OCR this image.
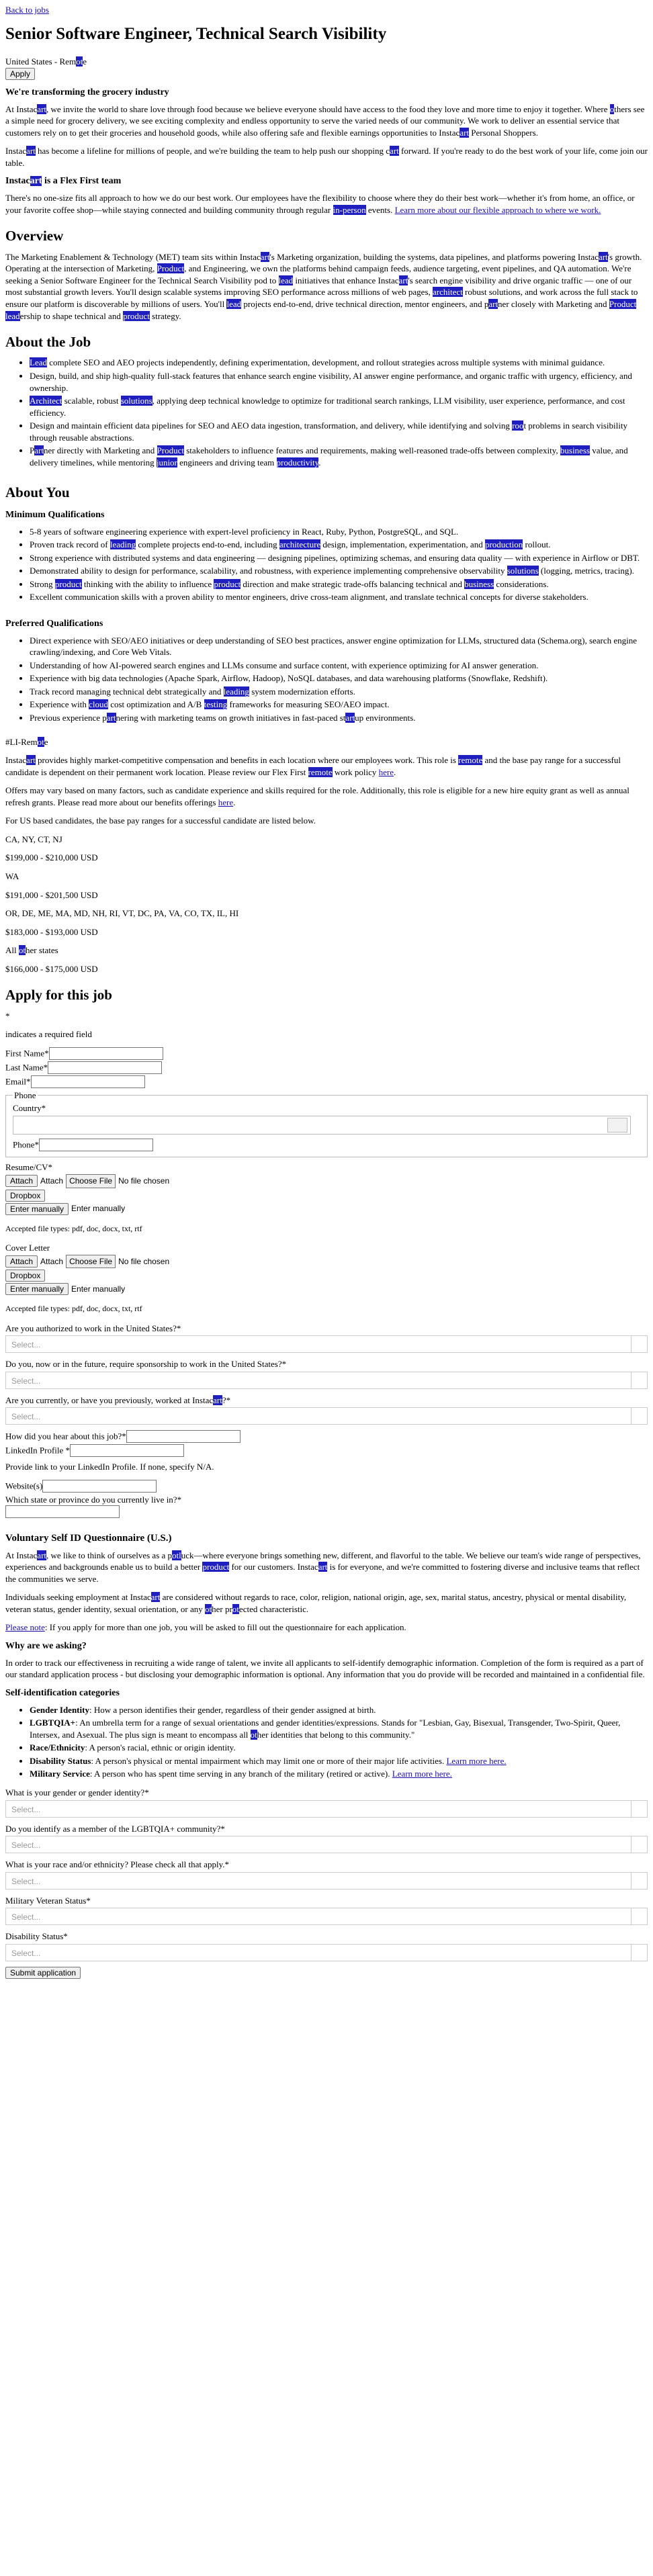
Back to jobs
Senior Software Engineer, Technical Search Visibility
United States - Remote
Apply
We're transforming the grocery industry

At Instacart, we invite the world to share love through food because we believe everyone should have access to the food they love and more time to enjoy it together. Where others see a simple need for grocery delivery, we see exciting complexity and endless opportunity to serve the varied needs of our community. We work to deliver an essential service that customers rely on to get their groceries and household goods, while also offering safe and flexible earnings opportunities to Instacart Personal Shoppers.

Instacart has become a lifeline for millions of people, and we're building the team to help push our shopping cart forward. If you're ready to do the best work of your life, come join our table.

Instacart is a Flex First team

There's no one-size fits all approach to how we do our best work. Our employees have the flexibility to choose where they do their best work—whether it's from home, an office, or your favorite coffee shop—while staying connected and building community through regular in-person events. Learn more about our flexible approach to where we work.

Overview

The Marketing Enablement & Technology (MET) team sits within Instacart's Marketing organization, building the systems, data pipelines, and platforms powering Instacart's growth. Operating at the intersection of Marketing, Product, and Engineering, we own the platforms behind campaign feeds, audience targeting, event pipelines, and QA automation. We're seeking a Senior Software Engineer for the Technical Search Visibility pod to lead initiatives that enhance Instacart's search engine visibility and drive organic traffic — one of our most substantial growth levers. You'll design scalable systems improving SEO performance across millions of web pages, architect robust solutions, and work across the full stack to ensure our platform is discoverable by millions of users. You'll lead projects end-to-end, drive technical direction, mentor engineers, and partner closely with Marketing and Product leadership to shape technical and product strategy.

About the Job
• Lead complete SEO and AEO projects independently, defining experimentation, development, and rollout strategies across multiple systems with minimal guidance.
• Design, build, and ship high-quality full-stack features that enhance search engine visibility, AI answer engine performance, and organic traffic with urgency, efficiency, and ownership.
• Architect scalable, robust solutions, applying deep technical knowledge to optimize for traditional search rankings, LLM visibility, user experience, performance, and cost efficiency.
• Design and maintain efficient data pipelines for SEO and AEO data ingestion, transformation, and delivery, while identifying and solving root problems in search visibility through reusable abstractions.
• Partner directly with Marketing and Product stakeholders to influence features and requirements, making well-reasoned trade-offs between complexity, business value, and delivery timelines, while mentoring junior engineers and driving team productivity.
About You
Minimum Qualifications
• 5-8 years of software engineering experience with expert-level proficiency in React, Ruby, Python, PostgreSQL, and SQL.
• Proven track record of leading complete projects end-to-end, including architecture design, implementation, experimentation, and production rollout.
• Strong experience with distributed systems and data engineering — designing pipelines, optimizing schemas, and ensuring data quality — with experience in Airflow or DBT.
• Demonstrated ability to design for performance, scalability, and robustness, with experience implementing comprehensive observability solutions (logging, metrics, tracing).
• Strong product thinking with the ability to influence product direction and make strategic trade-offs balancing technical and business considerations.
• Excellent communication skills with a proven ability to mentor engineers, drive cross-team alignment, and translate technical concepts for diverse stakeholders.
Preferred Qualifications
• Direct experience with SEO/AEO initiatives or deep understanding of SEO best practices, answer engine optimization for LLMs, structured data (Schema.org), search engine crawling/indexing, and Core Web Vitals.
• Understanding of how AI-powered search engines and LLMs consume and surface content, with experience optimizing for AI answer generation.
• Experience with big data technologies (Apache Spark, Airflow, Hadoop), NoSQL databases, and data warehousing platforms (Snowflake, Redshift).
• Track record managing technical debt strategically and leading system modernization efforts.
• Experience with cloud cost optimization and A/B testing frameworks for measuring SEO/AEO impact.
• Previous experience partnering with marketing teams on growth initiatives in fast-paced startup environments.

#LI-Remote

Instacart provides highly market-competitive compensation and benefits in each location where our employees work. This role is remote and the base pay range for a successful candidate is dependent on their permanent work location. Please review our Flex First remote work policy here.

Offers may vary based on many factors, such as candidate experience and skills required for the role. Additionally, this role is eligible for a new hire equity grant as well as annual refresh grants. Please read more about our benefits offerings here.

For US based candidates, the base pay ranges for a successful candidate are listed below.

CA, NY, CT, NJ

$199,000 - $210,000 USD

WA

$191,000 - $201,500 USD

OR, DE, ME, MA, MD, NH, RI, VT, DC, PA, VA, CO, TX, IL, HI

$183,000 - $193,000 USD

All other states

$166,000 - $175,000 USD

Apply for this job

*

indicates a required field

First Name*
Last Name*
Email*
Phone
Country*
Phone*
Resume/CV*
Attach Attach Choose File No file chosen
Dropbox
Enter manually Enter manually

Accepted file types: pdf, doc, docx, txt, rtf

Cover Letter
Attach Attach Choose File No file chosen
Dropbox
Enter manually Enter manually

Accepted file types: pdf, doc, docx, txt, rtf

Are you authorized to work in the United States?*
Select...
Do you, now or in the future, require sponsorship to work in the United States?*
Select...
Are you currently, or have you previously, worked at Instacart?*
Select...
How did you hear about this job?*
LinkedIn Profile *

Provide link to your LinkedIn Profile. If none, specify N/A.

Website(s)
Which state or province do you currently live in?*
Voluntary Self ID Questionnaire (U.S.)

At Instacart, we like to think of ourselves as a potluck—where everyone brings something new, different, and flavorful to the table. We believe our team's wide range of perspectives, experiences and backgrounds enable us to build a better product for our customers. Instacart is for everyone, and we're committed to fostering diverse and inclusive teams that reflect the communities we serve.

Individuals seeking employment at Instacart are considered without regards to race, color, religion, national origin, age, sex, marital status, ancestry, physical or mental disability, veteran status, gender identity, sexual orientation, or any other protected characteristic.

Please note: If you apply for more than one job, you will be asked to fill out the questionnaire for each application.

Why are we asking?

In order to track our effectiveness in recruiting a wide range of talent, we invite all applicants to self-identify demographic information. Completion of the form is required as a part of our standard application process - but disclosing your demographic information is optional. Any information that you do provide will be recorded and maintained in a confidential file.

Self-identification categories
• Gender Identity: How a person identifies their gender, regardless of their gender assigned at birth.
• LGBTQIA+: An umbrella term for a range of sexual orientations and gender identities/expressions. Stands for "Lesbian, Gay, Bisexual, Transgender, Two-Spirit, Queer, Intersex, and Asexual. The plus sign is meant to encompass all other identities that belong to this community."
• Race/Ethnicity: A person's racial, ethnic or origin identity.
• Disability Status: A person's physical or mental impairment which may limit one or more of their major life activities. Learn more here.
• Military Service: A person who has spent time serving in any branch of the military (retired or active). Learn more here.
What is your gender or gender identity?*
Select...
Do you identify as a member of the LGBTQIA+ community?*
Select...
What is your race and/or ethnicity? Please check all that apply.*
Select...
Military Veteran Status*
Select...
Disability Status*
Select...
Submit application
